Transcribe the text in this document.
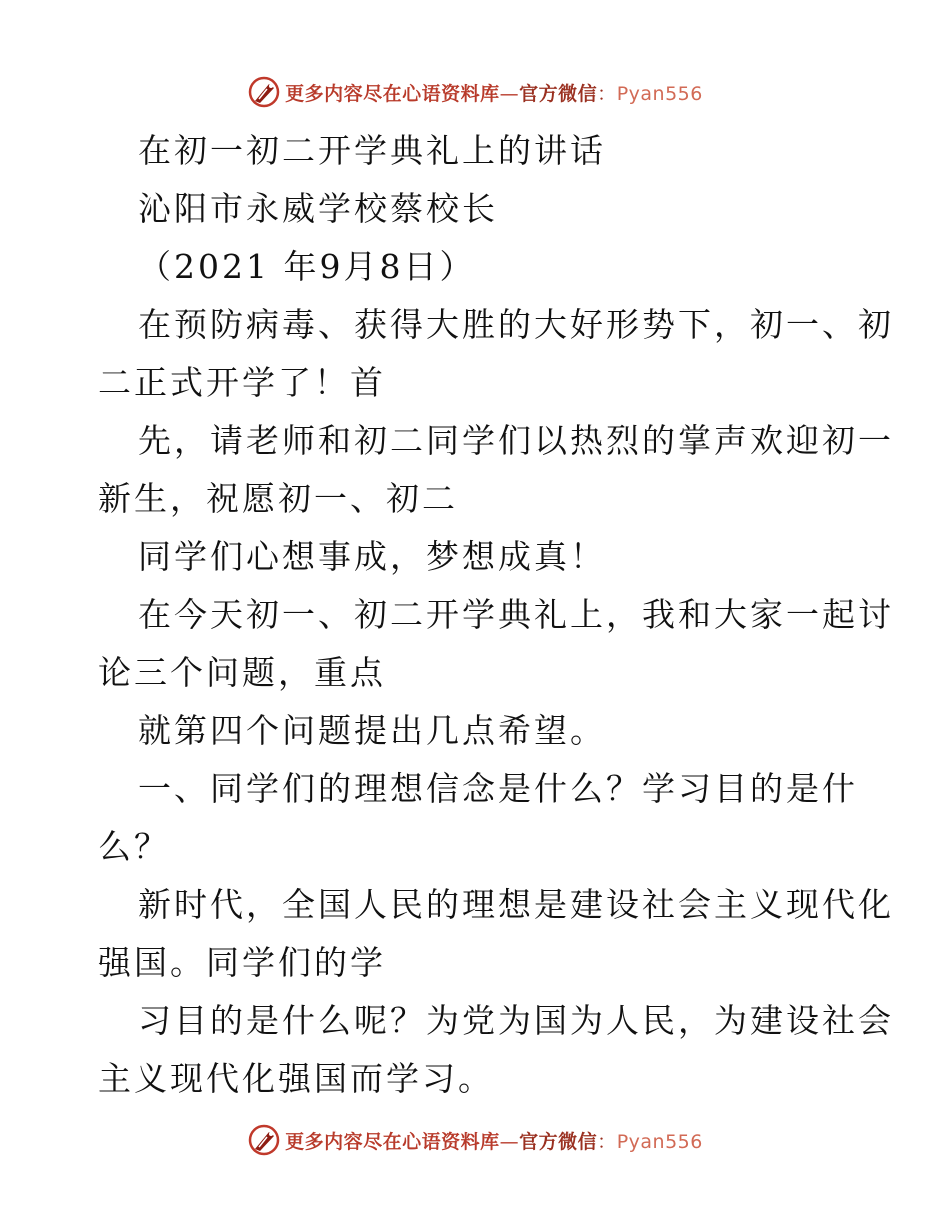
更多内容尽在心语资料库—官方微信：Pyan556
在初一初二开学典礼上的讲话
沁阳市永威学校蔡校长
（2021 年9月8日）
在预防病毒、获得大胜的大好形势下，初一、初
二正式开学了！首
先，请老师和初二同学们以热烈的掌声欢迎初一
新生，祝愿初一、初二
同学们心想事成，梦想成真！
在今天初一、初二开学典礼上，我和大家一起讨
论三个问题，重点
就第四个问题提出几点希望。
一、同学们的理想信念是什么？学习目的是什
么？
新时代，全国人民的理想是建设社会主义现代化
强国。同学们的学
习目的是什么呢？为党为国为人民，为建设社会
主义现代化强国而学习。
更多内容尽在心语资料库—官方微信：Pyan556
